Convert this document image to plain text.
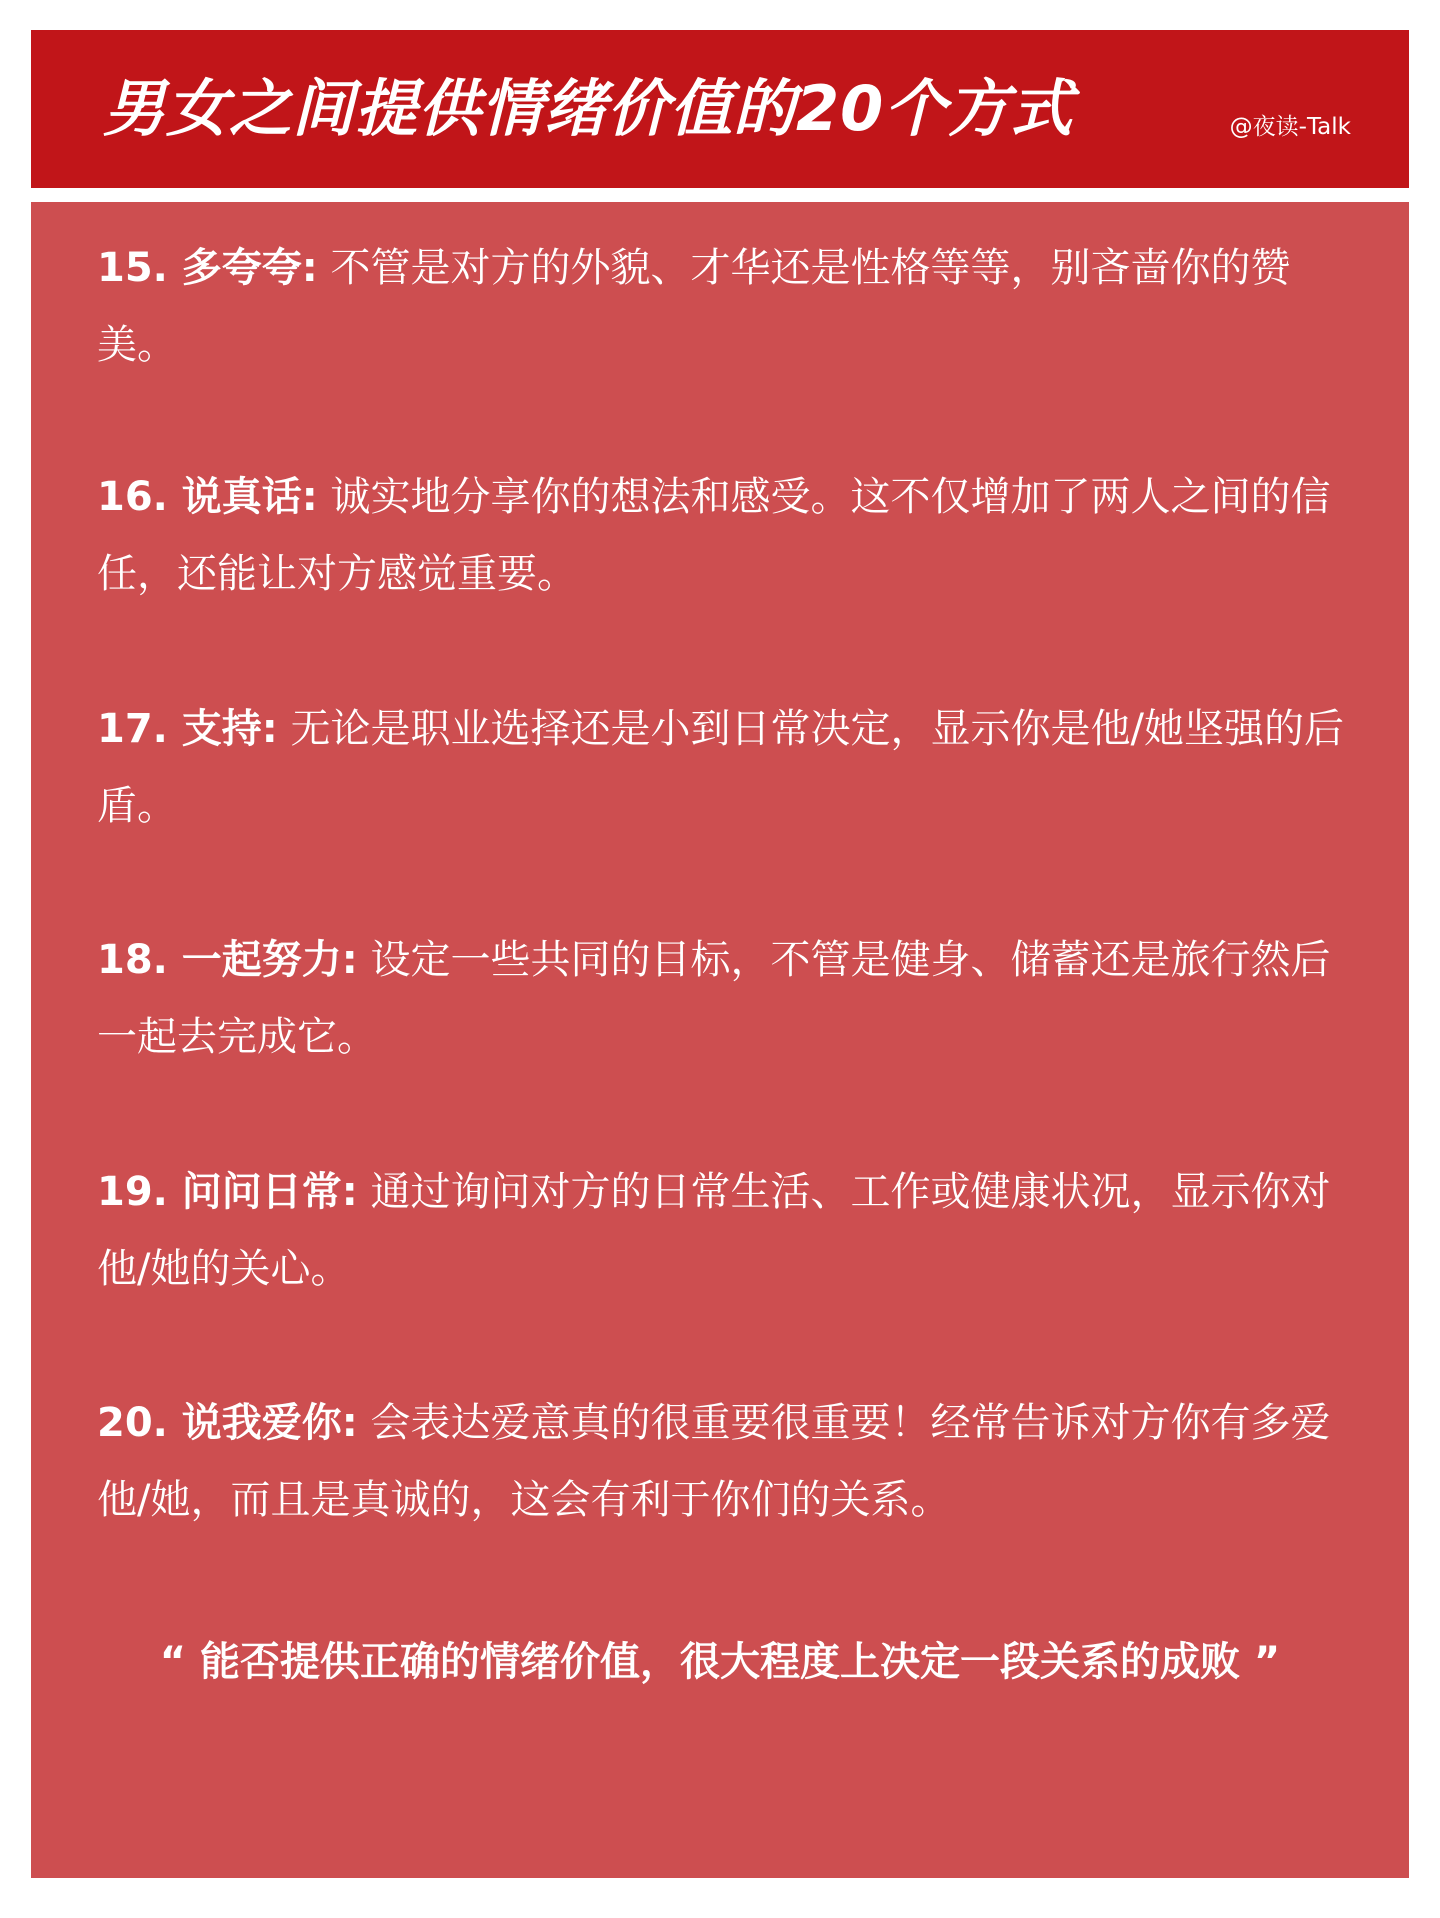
男女之间提供情绪价值的20个方式	@夜读-Talk

15. 多夸夸: 不管是对方的外貌、才华还是性格等等，别吝啬你的赞美。

16. 说真话: 诚实地分享你的想法和感受。这不仅增加了两人之间的信任，还能让对方感觉重要。

17. 支持: 无论是职业选择还是小到日常决定，显示你是他/她坚强的后盾。

18. 一起努力: 设定一些共同的目标，不管是健身、储蓄还是旅行然后一起去完成它。

19. 问问日常: 通过询问对方的日常生活、工作或健康状况，显示你对他/她的关心。

20. 说我爱你: 会表达爱意真的很重要很重要！经常告诉对方你有多爱他/她，而且是真诚的，这会有利于你们的关系。

“ 能否提供正确的情绪价值，很大程度上决定一段关系的成败 ”
